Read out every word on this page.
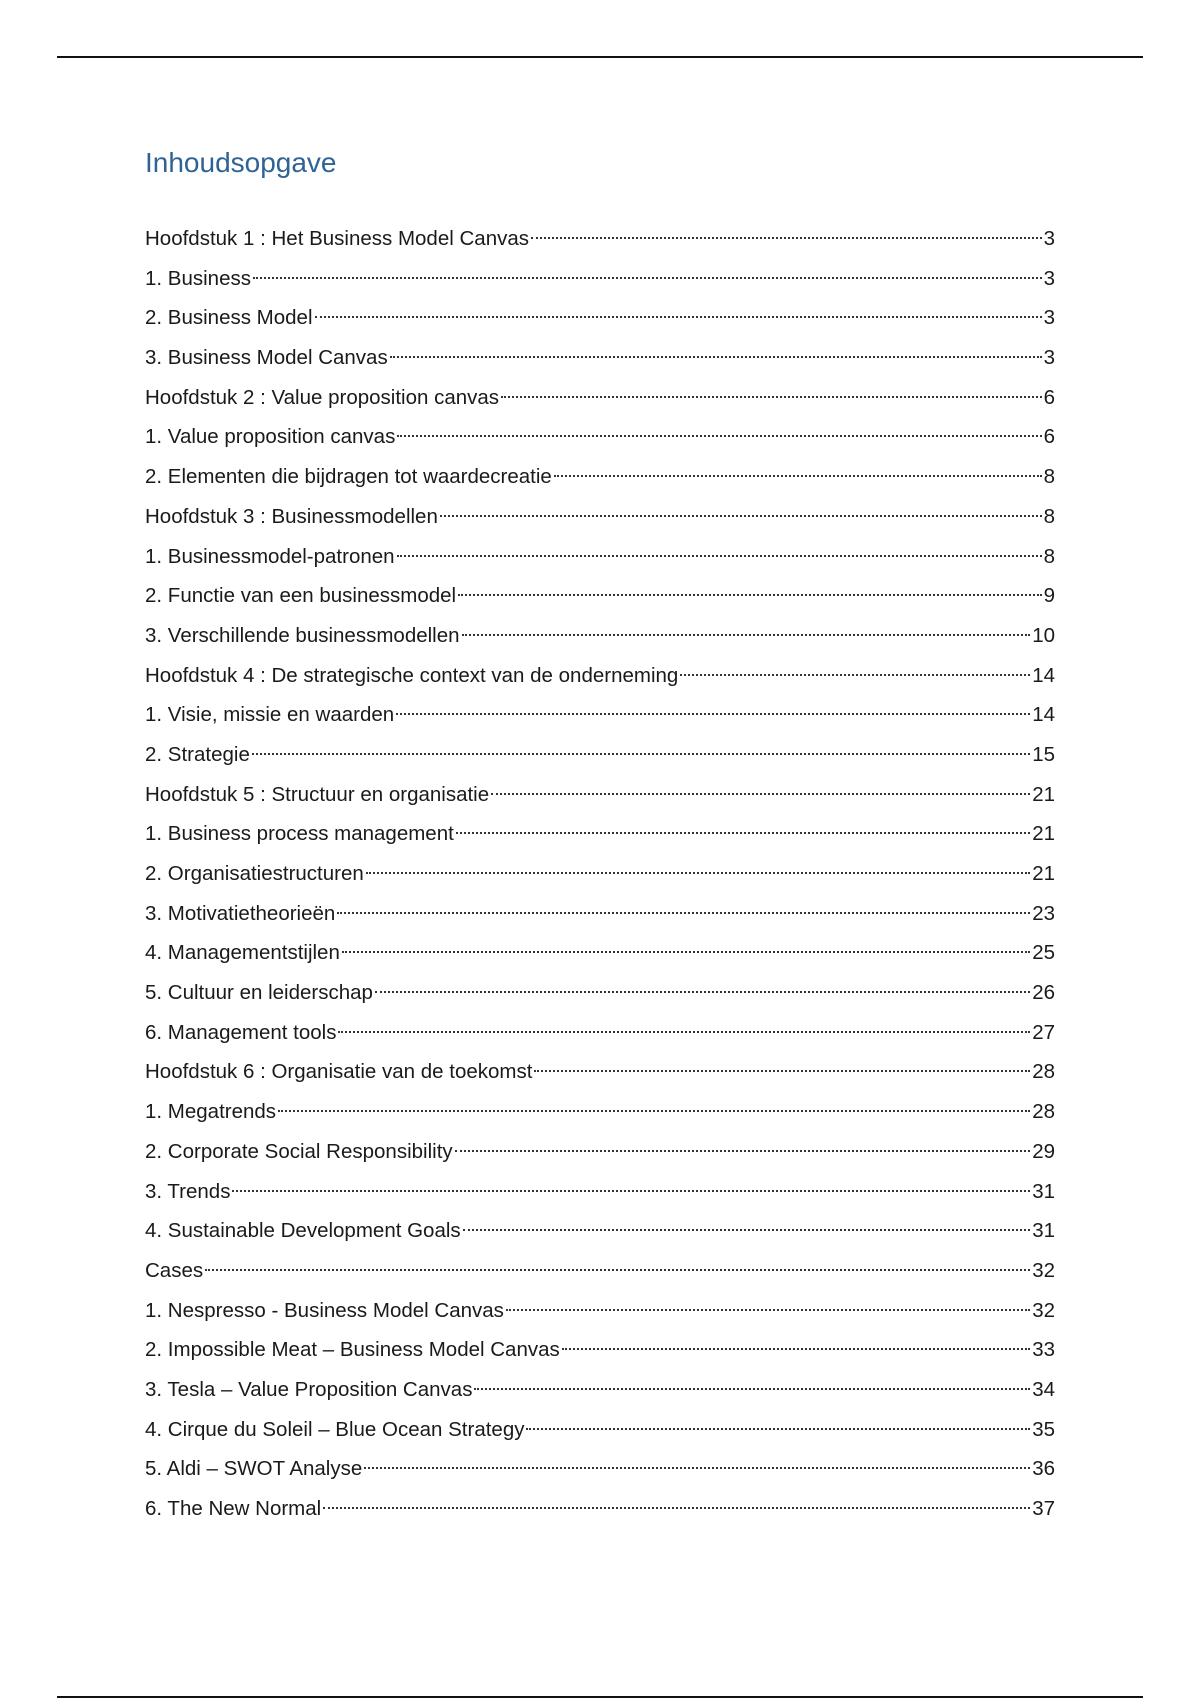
Inhoudsopgave
Hoofdstuk 1 : Het Business Model Canvas	3
1. Business	3
2. Business Model	3
3. Business Model Canvas	3
Hoofdstuk 2 : Value proposition canvas	6
1. Value proposition canvas	6
2. Elementen die bijdragen tot waardecreatie	8
Hoofdstuk 3 : Businessmodellen	8
1. Businessmodel-patronen	8
2. Functie van een businessmodel	9
3. Verschillende businessmodellen	10
Hoofdstuk 4 : De strategische context van de onderneming	14
1. Visie, missie en waarden	14
2. Strategie	15
Hoofdstuk 5 : Structuur en organisatie	21
1. Business process management	21
2. Organisatiestructuren	21
3. Motivatietheorieën	23
4. Managementstijlen	25
5. Cultuur en leiderschap	26
6. Management tools	27
Hoofdstuk 6 : Organisatie van de toekomst	28
1. Megatrends	28
2. Corporate Social Responsibility	29
3. Trends	31
4. Sustainable Development Goals	31
Cases	32
1. Nespresso - Business Model Canvas	32
2. Impossible Meat – Business Model Canvas	33
3. Tesla – Value Proposition Canvas	34
4. Cirque du Soleil – Blue Ocean Strategy	35
5. Aldi – SWOT Analyse	36
6. The New Normal	37
